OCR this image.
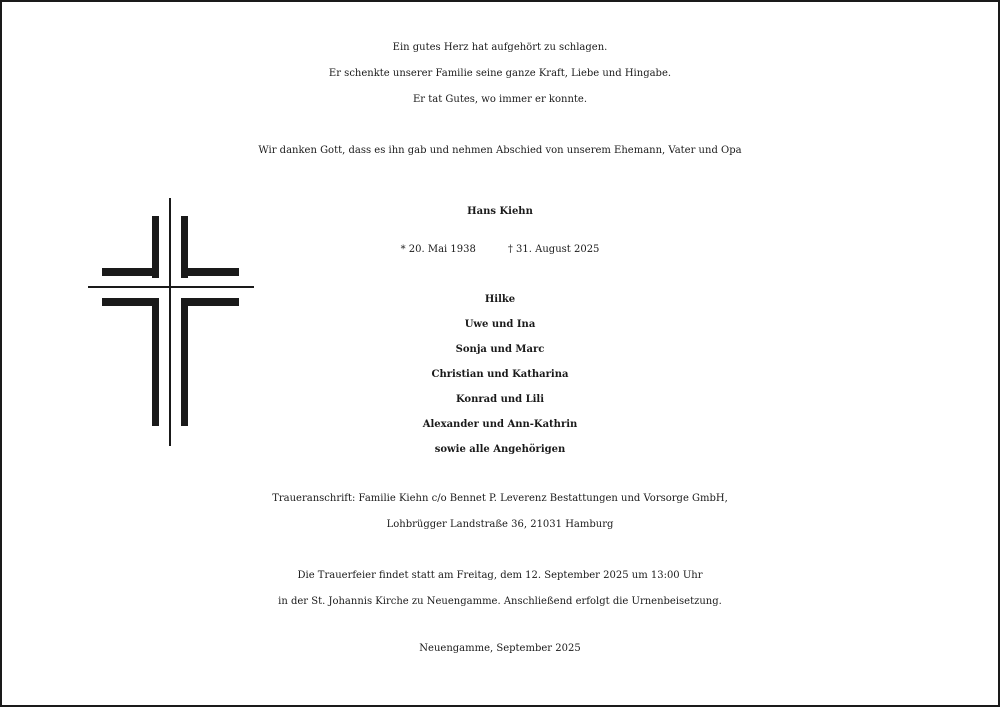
Ein gutes Herz hat aufgehört zu schlagen.
Er schenkte unserer Familie seine ganze Kraft, Liebe und Hingabe.
Er tat Gutes, wo immer er konnte.
Wir danken Gott, dass es ihn gab und nehmen Abschied von unserem Ehemann, Vater und Opa
Hans Kiehn
* 20. Mai 1938	† 31. August 2025
Hilke
Uwe und Ina
Sonja und Marc
Christian und Katharina
Konrad und Lili
Alexander und Ann-Kathrin
sowie alle Angehörigen
Traueranschrift: Familie Kiehn c/o Bennet P. Leverenz Bestattungen und Vorsorge GmbH,
Lohbrügger Landstraße 36, 21031 Hamburg
Die Trauerfeier findet statt am Freitag, dem 12. September 2025 um 13:00 Uhr
in der St. Johannis Kirche zu Neuengamme. Anschließend erfolgt die Urnenbeisetzung.
Neuengamme, September 2025
